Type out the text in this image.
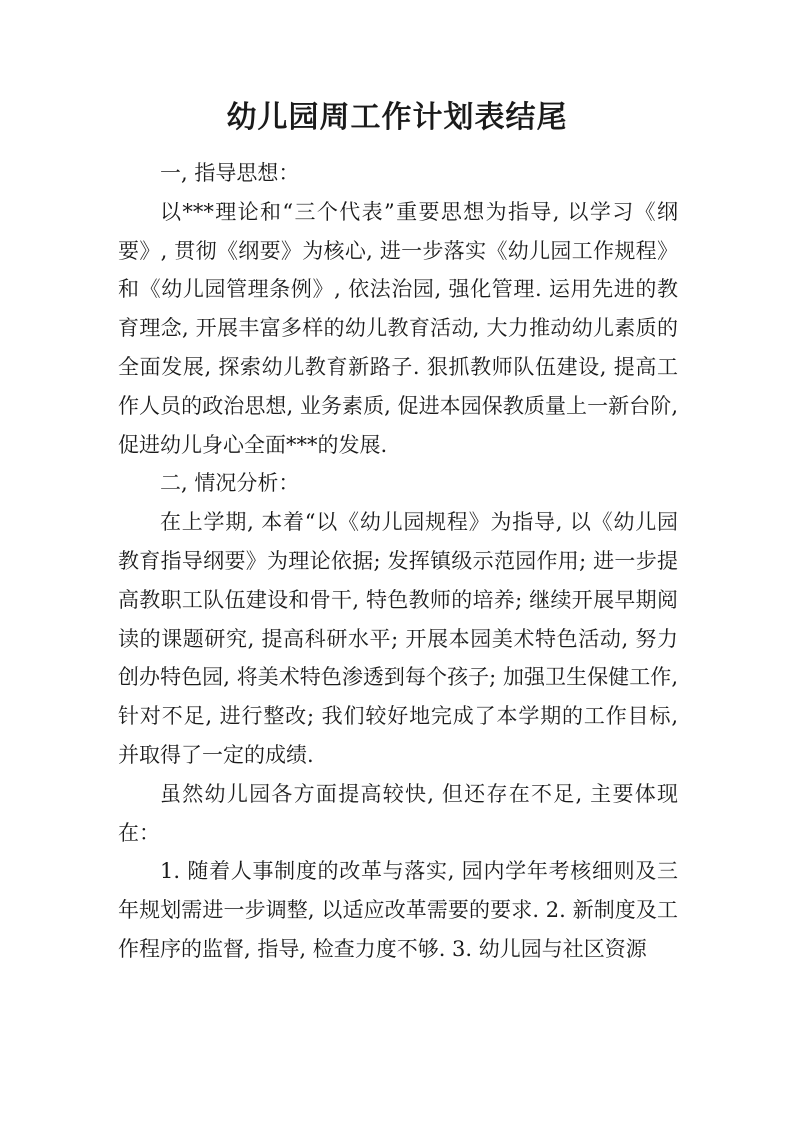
幼儿园周工作计划表结尾

一, 指导思想：

以***理论和“三个代表”重要思想为指导, 以学习《纲要》, 贯彻《纲要》为核心, 进一步落实《幼儿园工作规程》和《幼儿园管理条例》, 依法治园, 强化管理. 运用先进的教育理念, 开展丰富多样的幼儿教育活动, 大力推动幼儿素质的全面发展, 探索幼儿教育新路子. 狠抓教师队伍建设, 提高工作人员的政治思想, 业务素质, 促进本园保教质量上一新台阶, 促进幼儿身心全面***的发展.

二, 情况分析：

在上学期, 本着“以《幼儿园规程》为指导, 以《幼儿园教育指导纲要》为理论依据; 发挥镇级示范园作用; 进一步提高教职工队伍建设和骨干, 特色教师的培养; 继续开展早期阅读的课题研究, 提高科研水平; 开展本园美术特色活动, 努力创办特色园, 将美术特色渗透到每个孩子; 加强卫生保健工作, 针对不足, 进行整改; 我们较好地完成了本学期的工作目标, 并取得了一定的成绩.

虽然幼儿园各方面提高较快, 但还存在不足, 主要体现在：

1. 随着人事制度的改革与落实, 园内学年考核细则及三年规划需进一步调整, 以适应改革需要的要求. 2. 新制度及工作程序的监督, 指导, 检查力度不够. 3. 幼儿园与社区资源
